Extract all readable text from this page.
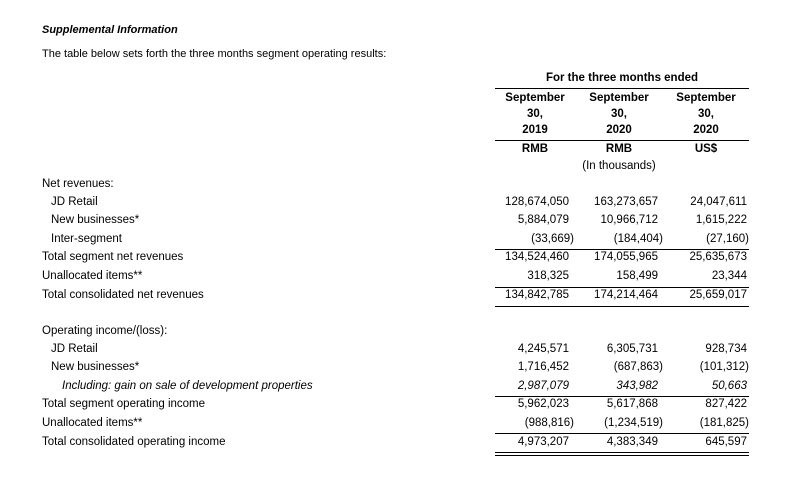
Supplemental Information
The table below sets forth the three months segment operating results:
For the three months ended
September	September	September
30,	30,	30,
2019	2020	2020
RMB	RMB	US$
(In thousands)
Net revenues:
JD Retail	128,674,050	163,273,657	24,047,611
New businesses*	5,884,079	10,966,712	1,615,222
Inter-segment	(33,669)	(184,404)	(27,160)
Total segment net revenues	134,524,460	174,055,965	25,635,673
Unallocated items**	318,325	158,499	23,344
Total consolidated net revenues	134,842,785	174,214,464	25,659,017
Operating income/(loss):
JD Retail	4,245,571	6,305,731	928,734
New businesses*	1,716,452	(687,863)	(101,312)
Including: gain on sale of development properties	2,987,079	343,982	50,663
Total segment operating income	5,962,023	5,617,868	827,422
Unallocated items**	(988,816)	(1,234,519)	(181,825)
Total consolidated operating income	4,973,207	4,383,349	645,597
